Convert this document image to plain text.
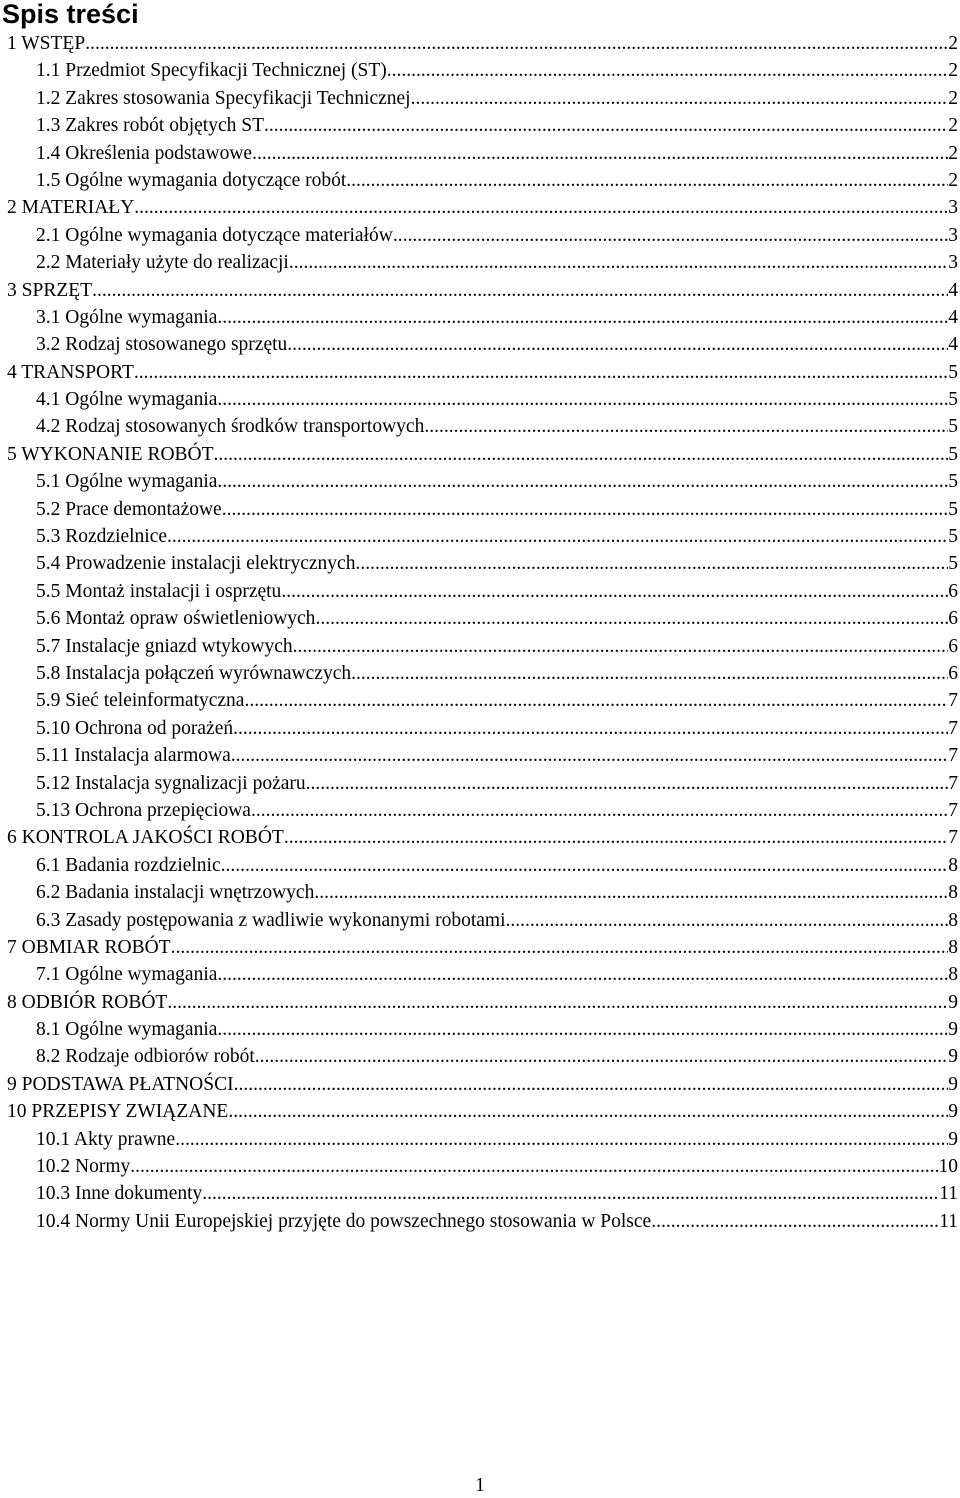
Spis treści
1 WSTĘP .....	2
1.1 Przedmiot Specyfikacji Technicznej (ST) .....	2
1.2 Zakres stosowania Specyfikacji Technicznej .....	2
1.3 Zakres robót objętych ST .....	2
1.4 Określenia podstawowe .....	2
1.5 Ogólne wymagania dotyczące robót .....	2
2 MATERIAŁY .....	3
2.1 Ogólne wymagania dotyczące materiałów .....	3
2.2 Materiały użyte do realizacji .....	3
3 SPRZĘT .....	4
3.1 Ogólne wymagania .....	4
3.2 Rodzaj stosowanego sprzętu .....	4
4 TRANSPORT .....	5
4.1 Ogólne wymagania .....	5
4.2 Rodzaj stosowanych środków transportowych .....	5
5 WYKONANIE ROBÓT .....	5
5.1 Ogólne wymagania .....	5
5.2 Prace demontażowe .....	5
5.3 Rozdzielnice .....	5
5.4 Prowadzenie instalacji elektrycznych .....	5
5.5 Montaż instalacji i osprzętu .....	6
5.6 Montaż opraw oświetleniowych .....	6
5.7 Instalacje gniazd wtykowych .....	6
5.8 Instalacja połączeń wyrównawczych .....	6
5.9 Sieć teleinformatyczna .....	7
5.10 Ochrona od porażeń .....	7
5.11 Instalacja alarmowa .....	7
5.12 Instalacja sygnalizacji pożaru .....	7
5.13 Ochrona przepięciowa .....	7
6 KONTROLA JAKOŚCI ROBÓT .....	7
6.1 Badania rozdzielnic .....	8
6.2 Badania instalacji wnętrzowych .....	8
6.3 Zasady postępowania z wadliwie wykonanymi robotami .....	8
7 OBMIAR ROBÓT .....	8
7.1 Ogólne wymagania .....	8
8 ODBIÓR ROBÓT .....	9
8.1 Ogólne wymagania .....	9
8.2 Rodzaje odbiorów robót .....	9
9 PODSTAWA PŁATNOŚCI .....	9
10 PRZEPISY ZWIĄZANE .....	9
10.1 Akty prawne .....	9
10.2 Normy .....	10
10.3 Inne dokumenty .....	11
10.4 Normy Unii Europejskiej przyjęte do powszechnego stosowania w Polsce .....	11
1
